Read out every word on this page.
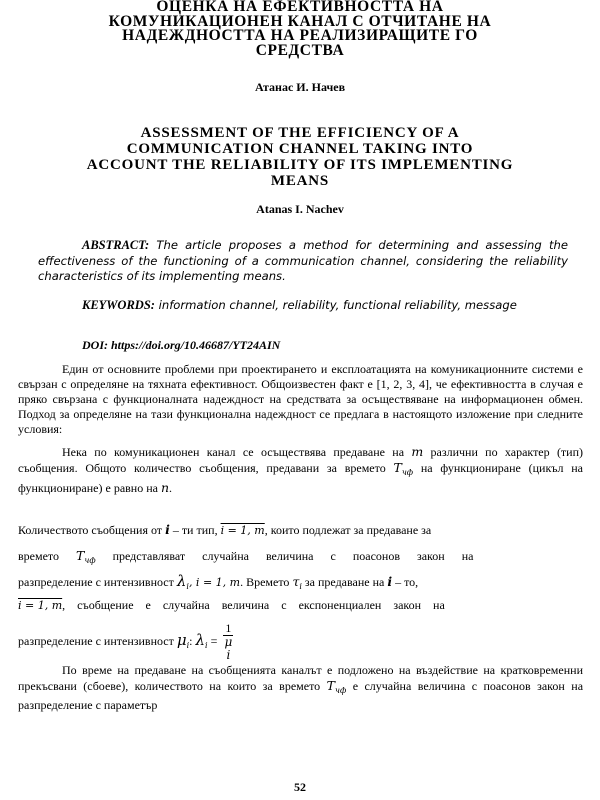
ОЦЕНКА НА ЕФЕКТИВНОСТТА НА
КОМУНИКАЦИОНЕН КАНАЛ С ОТЧИТАНЕ НА
НАДЕЖДНОСТТА НА РЕАЛИЗИРАЩИТЕ ГО
СРЕДСТВА
Атанас И. Начев
ASSESSMENT OF THE EFFICIENCY OF A
COMMUNICATION CHANNEL TAKING INTO
ACCOUNT THE RELIABILITY OF ITS IMPLEMENTING
MEANS
Atanas I. Nachev

ABSTRACT: The article proposes a method for determining and assessing the effectiveness of the functioning of a communication channel, considering the reliability characteristics of its implementing means.

KEYWORDS: information channel, reliability, functional reliability, message

DOI: https://doi.org/10.46687/YT24AIN

Един от основните проблеми при проектирането и експлоатацията на комуникационните системи е свързан с определяне на тяхната ефективност. Общоизвестен факт е [1, 2, 3, 4], че ефективността в случая е пряко свързана с функционалната надеждност на средствата за осъществяване на информационен обмен. Подход за определяне на тази функционална надеждност се предлага в настоящото изложение при следните условия:

Нека по комуникационен канал се осъществява предаване на m различни по характер (тип) съобщения. Общото количество съобщения, предавани за времето $T_{чф}$ на функциониране (цикъл на функциониране) е равно на n.

Количеството съобщения от i – ти тип, i = 1, m, които подлежат за предаване за
времето $T_{чф}$ представляват случайна величина с поасонов закон на
разпределение с интензивност $\lambda_i$, i = 1, m. Времето $\tau_i$ за предаване на i – то,
i = 1, m, съобщение е случайна величина с експоненциален закон на
разпределение с интензивност $\mu_i$: $\lambda_i = 1$
μ
i

По време на предаване на съобщенията каналът е подложено на въздействие на кратковременни прекъсвани (сбоеве), количеството на които за времето $T_{чф}$ е случайна величина с поасонов закон на разпределение с параметър

52
